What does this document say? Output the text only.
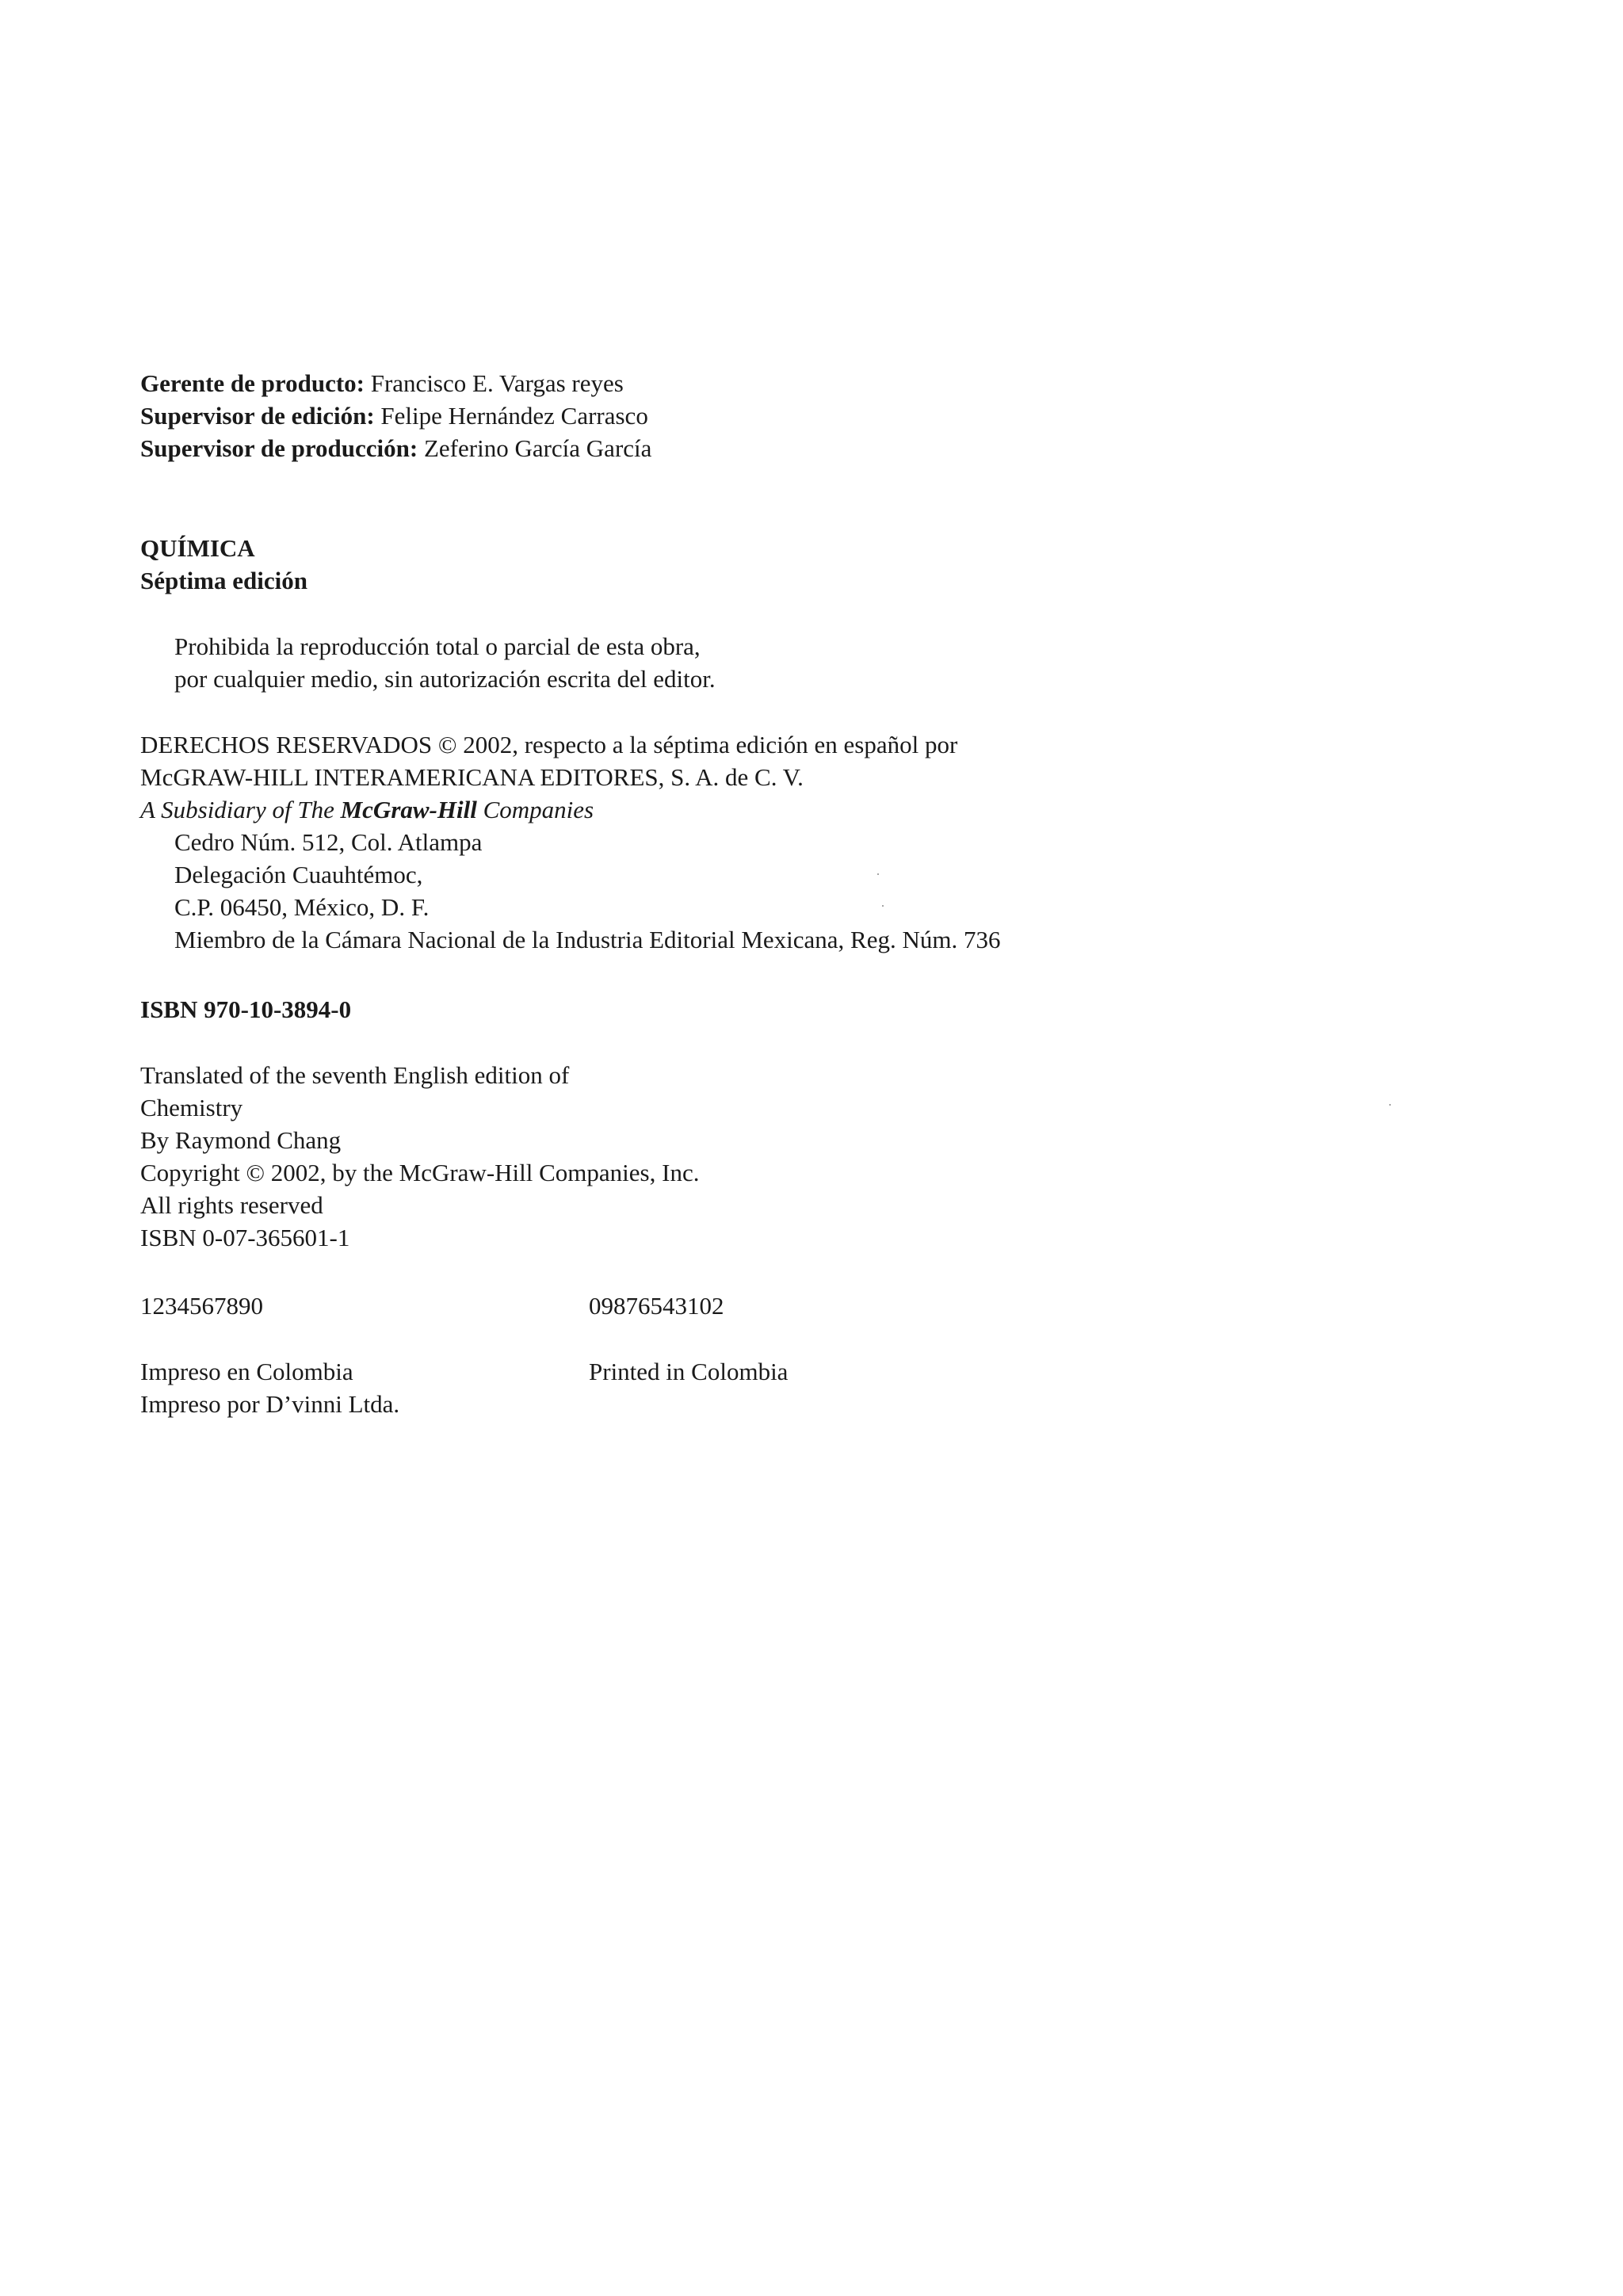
Gerente de producto: Francisco E. Vargas reyes
Supervisor de edición: Felipe Hernández Carrasco
Supervisor de producción: Zeferino García García
QUÍMICA
Séptima edición
Prohibida la reproducción total o parcial de esta obra,
por cualquier medio, sin autorización escrita del editor.
DERECHOS RESERVADOS © 2002, respecto a la séptima edición en español por
McGRAW-HILL INTERAMERICANA EDITORES, S. A. de C. V.
A Subsidiary of The McGraw-Hill Companies
Cedro Núm. 512, Col. Atlampa
Delegación Cuauhtémoc,
C.P. 06450, México, D. F.
Miembro de la Cámara Nacional de la Industria Editorial Mexicana, Reg. Núm. 736
ISBN 970-10-3894-0
Translated of the seventh English edition of
Chemistry
By Raymond Chang
Copyright © 2002, by the McGraw-Hill Companies, Inc.
All rights reserved
ISBN 0-07-365601-1
1234567890	09876543102
Impreso en Colombia
Impreso por D’vinni Ltda.
Printed in Colombia
